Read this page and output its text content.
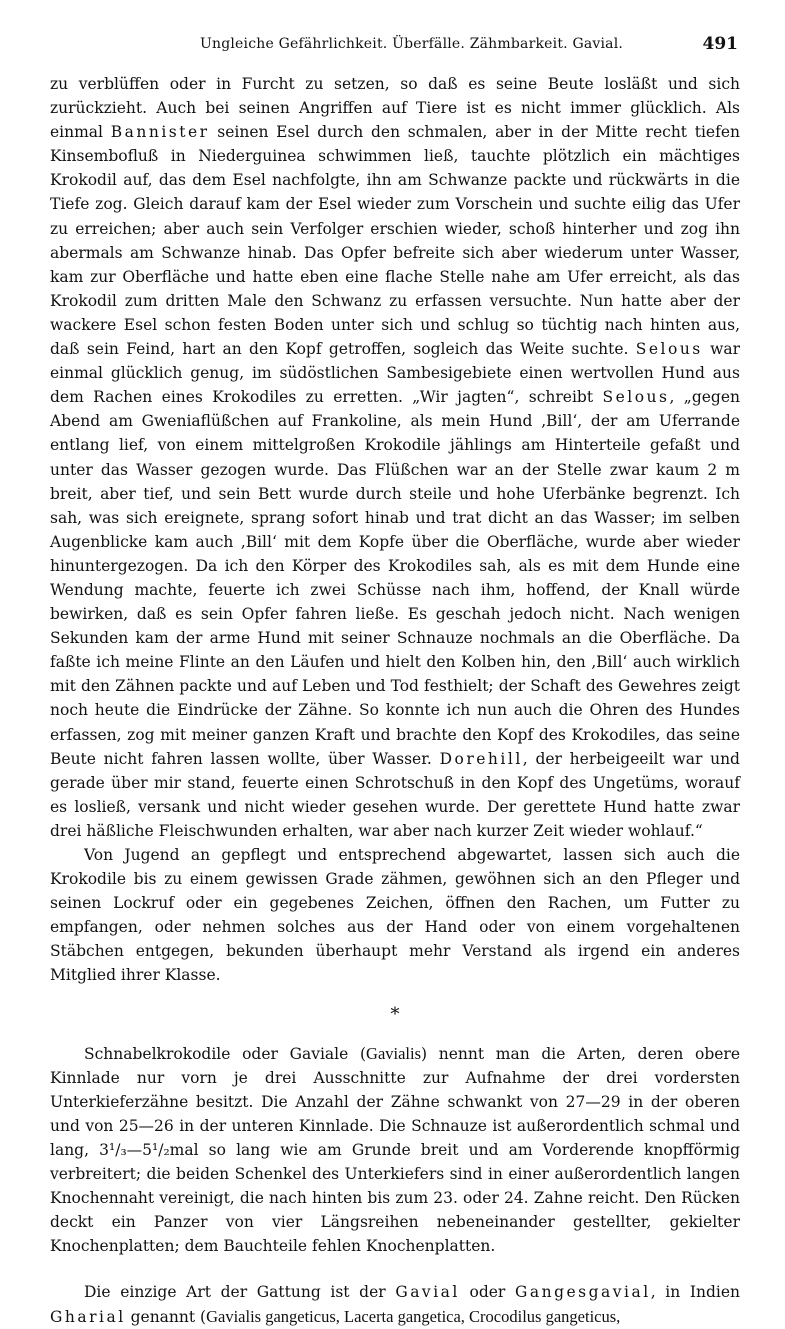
Ungleiche Gefährlichkeit. Überfälle. Zähmbarkeit. Gavial.	491

zu verblüffen oder in Furcht zu setzen, so daß es seine Beute losläßt und sich zurückzieht. Auch bei seinen Angriffen auf Tiere ist es nicht immer glücklich. Als einmal Bannister seinen Esel durch den schmalen, aber in der Mitte recht tiefen Kinsembofluß in Niederguinea schwimmen ließ, tauchte plötzlich ein mächtiges Krokodil auf, das dem Esel nachfolgte, ihn am Schwanze packte und rückwärts in die Tiefe zog. Gleich darauf kam der Esel wieder zum Vorschein und suchte eilig das Ufer zu erreichen; aber auch sein Verfolger erschien wieder, schoß hinterher und zog ihn abermals am Schwanze hinab. Das Opfer befreite sich aber wiederum unter Wasser, kam zur Oberfläche und hatte eben eine flache Stelle nahe am Ufer erreicht, als das Krokodil zum dritten Male den Schwanz zu erfassen versuchte. Nun hatte aber der wackere Esel schon festen Boden unter sich und schlug so tüchtig nach hinten aus, daß sein Feind, hart an den Kopf getroffen, sogleich das Weite suchte. Selous war einmal glücklich genug, im südöstlichen Sambesigebiete einen wertvollen Hund aus dem Rachen eines Krokodiles zu erretten. „Wir jagten“, schreibt Selous, „gegen Abend am Gweniaflüßchen auf Frankoline, als mein Hund ‚Bill‘, der am Uferrande entlang lief, von einem mittelgroßen Krokodile jählings am Hinterteile gefaßt und unter das Wasser gezogen wurde. Das Flüßchen war an der Stelle zwar kaum 2 m breit, aber tief, und sein Bett wurde durch steile und hohe Uferbänke begrenzt. Ich sah, was sich ereignete, sprang sofort hinab und trat dicht an das Wasser; im selben Augenblicke kam auch ‚Bill‘ mit dem Kopfe über die Oberfläche, wurde aber wieder hinuntergezogen. Da ich den Körper des Krokodiles sah, als es mit dem Hunde eine Wendung machte, feuerte ich zwei Schüsse nach ihm, hoffend, der Knall würde bewirken, daß es sein Opfer fahren ließe. Es geschah jedoch nicht. Nach wenigen Sekunden kam der arme Hund mit seiner Schnauze nochmals an die Oberfläche. Da faßte ich meine Flinte an den Läufen und hielt den Kolben hin, den ‚Bill‘ auch wirklich mit den Zähnen packte und auf Leben und Tod festhielt; der Schaft des Gewehres zeigt noch heute die Eindrücke der Zähne. So konnte ich nun auch die Ohren des Hundes erfassen, zog mit meiner ganzen Kraft und brachte den Kopf des Krokodiles, das seine Beute nicht fahren lassen wollte, über Wasser. Dorehill, der herbeigeeilt war und gerade über mir stand, feuerte einen Schrotschuß in den Kopf des Ungetüms, worauf es losließ, versank und nicht wieder gesehen wurde. Der gerettete Hund hatte zwar drei häßliche Fleischwunden erhalten, war aber nach kurzer Zeit wieder wohlauf.“

Von Jugend an gepflegt und entsprechend abgewartet, lassen sich auch die Krokodile bis zu einem gewissen Grade zähmen, gewöhnen sich an den Pfleger und seinen Lockruf oder ein gegebenes Zeichen, öffnen den Rachen, um Futter zu empfangen, oder nehmen solches aus der Hand oder von einem vorgehaltenen Stäbchen entgegen, bekunden überhaupt mehr Verstand als irgend ein anderes Mitglied ihrer Klasse.

*

Schnabelkrokodile oder Gaviale (Gavialis) nennt man die Arten, deren obere Kinnlade nur vorn je drei Ausschnitte zur Aufnahme der drei vordersten Unterkieferzähne besitzt. Die Anzahl der Zähne schwankt von 27—29 in der oberen und von 25—26 in der unteren Kinnlade. Die Schnauze ist außerordentlich schmal und lang, 3¹/₃—5¹/₂mal so lang wie am Grunde breit und am Vorderende knopfförmig verbreitert; die beiden Schenkel des Unterkiefers sind in einer außerordentlich langen Knochennaht vereinigt, die nach hinten bis zum 23. oder 24. Zahne reicht. Den Rücken deckt ein Panzer von vier Längsreihen nebeneinander gestellter, gekielter Knochenplatten; dem Bauchteile fehlen Knochenplatten.

Die einzige Art der Gattung ist der Gavial oder Gangesgavial, in Indien Gharial genannt (Gavialis gangeticus, Lacerta gangetica, Crocodilus gangeticus,
